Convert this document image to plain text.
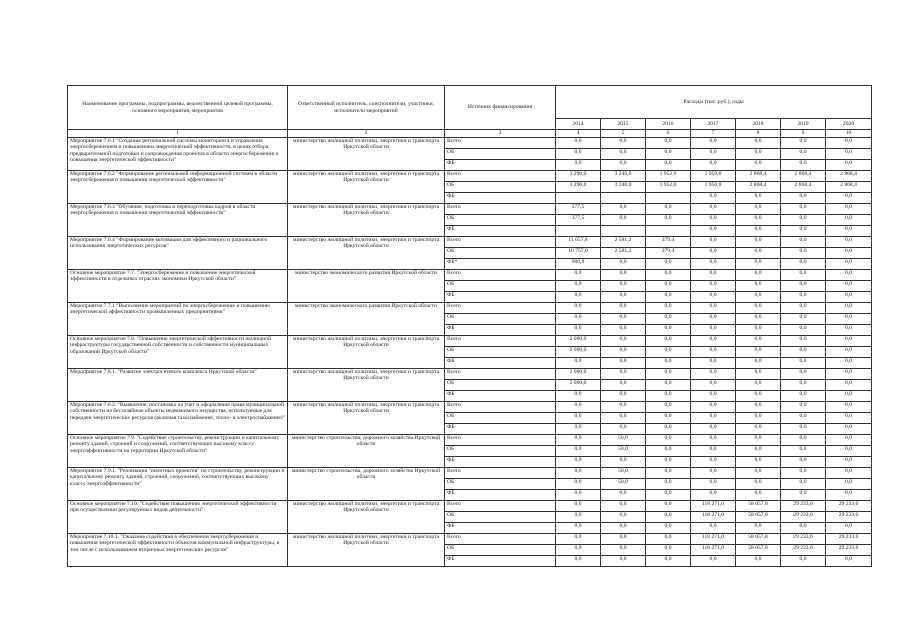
Наименование программы, подпрограммы, ведомственной целевой программы, основного мероприятия, мероприятия	Ответственный исполнитель, соисполнители, участники, исполнители мероприятий	Источник финансирования	Расходы (тыс. руб.), годы						
			2014	2015	2016	2017	2018	2019	2020
1	2	3	4	5	6	7	8	9	10
Мероприятие 7.6.1 "Создание региональной системы мониторинга и управления энергосбережением и повышением энергетической эффективности, в целях отбора, предварительной подготовки и сопровождения проектов в области энергосбережения и повышения энергетической эффективности"	министерство жилищной политики, энергетики и транспорта Иркутской области	Всего	0,0	0,0	0,0	0,0	0,0	0,0	0,0
		ОБ	0,0	0,0	0,0	0,0	0,0	0,0	0,0
		ФБ	0,0	0,0	0,0	0,0	0,0	0,0	0,0
Мероприятие 7.6.2 "Формирование региональной информационной системы в области энергосбережения и повышения энергетической эффективности"	министерство жилищной политики, энергетики и транспорта Иркутской области	Всего	3 290,0	3 240,0	1 952,0	1 950,0	2 868,4	2 868,4	2 868,4
		ОБ	3 290,0	3 240,0	1 952,0	1 950,0	2 868,4	2 868,4	2 868,4
		ФБ				0,0	0,0	0,0	0,0
Мероприятие 7.6.3 "Обучение, подготовка и переподготовка кадров в области энергосбережения и повышения энергетической эффективности"	министерство жилищной политики, энергетики и транспорта Иркутской области	Всего	377,5	0,0	0,0	0,0	0,0	0,0	0,0
		ОБ	377,5	0,0	0,0	0,0	0,0	0,0	0,0
		ФБ				0,0	0,0	0,0	0,0
Мероприятие 7.6.4 "Формирование мотивации для эффективного и рационального использования энергетических ресурсов"	министерство жилищной политики, энергетики и транспорта Иркутской области	Всего	11 657,8	2 581,2	379,4	0,0	0,0	0,0	0,0
		ОБ	10 757,0	2 581,2	379,4	0,0	0,0	0,0	0,0
		ФБ*	900,8	0,0	0,0	0,0	0,0	0,0	0,0
Основное мероприятие 7.7. "Энергосбережение и повышение энергетической эффективности в отдельных отраслях экономики Иркутской области"	министерство экономического развития Иркутской области	Всего	0,0	0,0	0,0	0,0	0,0	0,0	0,0
		ОБ	0,0	0,0	0,0	0,0	0,0	0,0	0,0
		ФБ	0,0	0,0	0,0	0,0	0,0	0,0	0,0
Мероприятие 7.7.1 "Выполнение мероприятий по энергосбережению и повышению энергетической эффективности промышленных предприятиями"	министерство экономического развития Иркутской области	Всего	0,0	0,0	0,0	0,0	0,0	0,0	0,0
		ОБ	0,0	0,0	0,0	0,0	0,0	0,0	0,0
		ФБ	0,0	0,0	0,0	0,0	0,0	0,0	0,0
Основное мероприятие 7.8. "Повышение энергетической эффективности жилищной инфраструктуры государственной собственности и собственности муниципальных образований Иркутской области"	министерство жилищной политики, энергетики и транспорта Иркутской области	Всего	2 000,0	0,0	0,0	0,0	0,0	0,0	0,0
		ОБ	2 000,0	0,0	0,0	0,0	0,0	0,0	0,0
		ФБ	0,0	0,0	0,0	0,0	0,0	0,0	0,0
Мероприятие 7.8.1. "Развитие электросетевого комплекса Иркутской области"	министерство жилищной политики, энергетики и транспорта Иркутской области	Всего	2 000,0	0,0	0,0	0,0	0,0	0,0	0,0
		ОБ	2 000,0	0,0	0,0	0,0	0,0	0,0	0,0
		ФБ	0,0	0,0	0,0	0,0	0,0	0,0	0,0
Мероприятие 7.8.2. "Выявление, постановка на учет и оформление права муниципальной собственности на бесхозяйные объекты недвижимого имущества, используемые для передачи энергетических ресурсов (включая газоснабжение, тепло- и электроснабжение)"	министерство жилищной политики, энергетики и транспорта Иркутской области	Всего	0,0	0,0	0,0	0,0	0,0	0,0	0,0
		ОБ	0,0	0,0	0,0	0,0	0,0	0,0	0,0
		ФБ	0,0	0,0	0,0	0,0	0,0	0,0	0,0
Основное мероприятие 7.9. "Содействие строительству, реконструкции и капитальному ремонту зданий, строений и сооружений, соответствующих высокому классу энергоэффективности на территории Иркутской области"	министерство строительства, дорожного хозяйства Иркутской области	Всего	0,0	50,0	0,0	0,0	0,0	0,0	0,0
		ОБ	0,0	50,0	0,0	0,0	0,0	0,0	0,0
		ФБ	0,0	0,0	0,0	0,0	0,0	0,0	0,0
Мероприятие 7.9.1. "Реализация "пилотных проектов" по строительству, реконструкции и капитальному ремонту зданий, строений, сооружений, соответствующих высокому классу энергоэффективности"	министерство строительства, дорожного хозяйства Иркутской области	Всего	0,0	50,0	0,0	0,0	0,0	0,0	0,0
		ОБ	0,0	50,0	0,0	0,0	0,0	0,0	0,0
		ФБ	0,0	0,0	0,0	0,0	0,0	0,0	0,0
Основное мероприятие 7.10. "Содействие повышению энергетической эффективности при осуществлении регулируемых видов деятельности"	министерство жилищной политики, энергетики и транспорта Иркутской области	Всего	0,0	0,0	0,0	118 271,0	58 057,8	29 233,6	29 233,6
		ОБ	0,0	0,0	0,0	118 271,0	58 057,8	29 233,6	29 233,6
		ФБ	0,0	0,0	0,0	0,0	0,0	0,0	0,0
Мероприятие 7.10.1. "Оказание содействия в обеспечении энергосбережения и повышения энергетической эффективности объектов коммунальной инфраструктуры, в том числе с использованием вторичных энергетических ресурсов"	министерство жилищной политики, энергетики и транспорта Иркутской области	Всего	0,0	0,0	0,0	118 271,0	58 057,8	29 233,6	29 233,6
		ОБ	0,0	0,0	0,0	118 271,0	58 057,8	29 233,6	29 233,6
		ФБ	0,0	0,0	0,0	0,0	0,0	0,0	0,0
